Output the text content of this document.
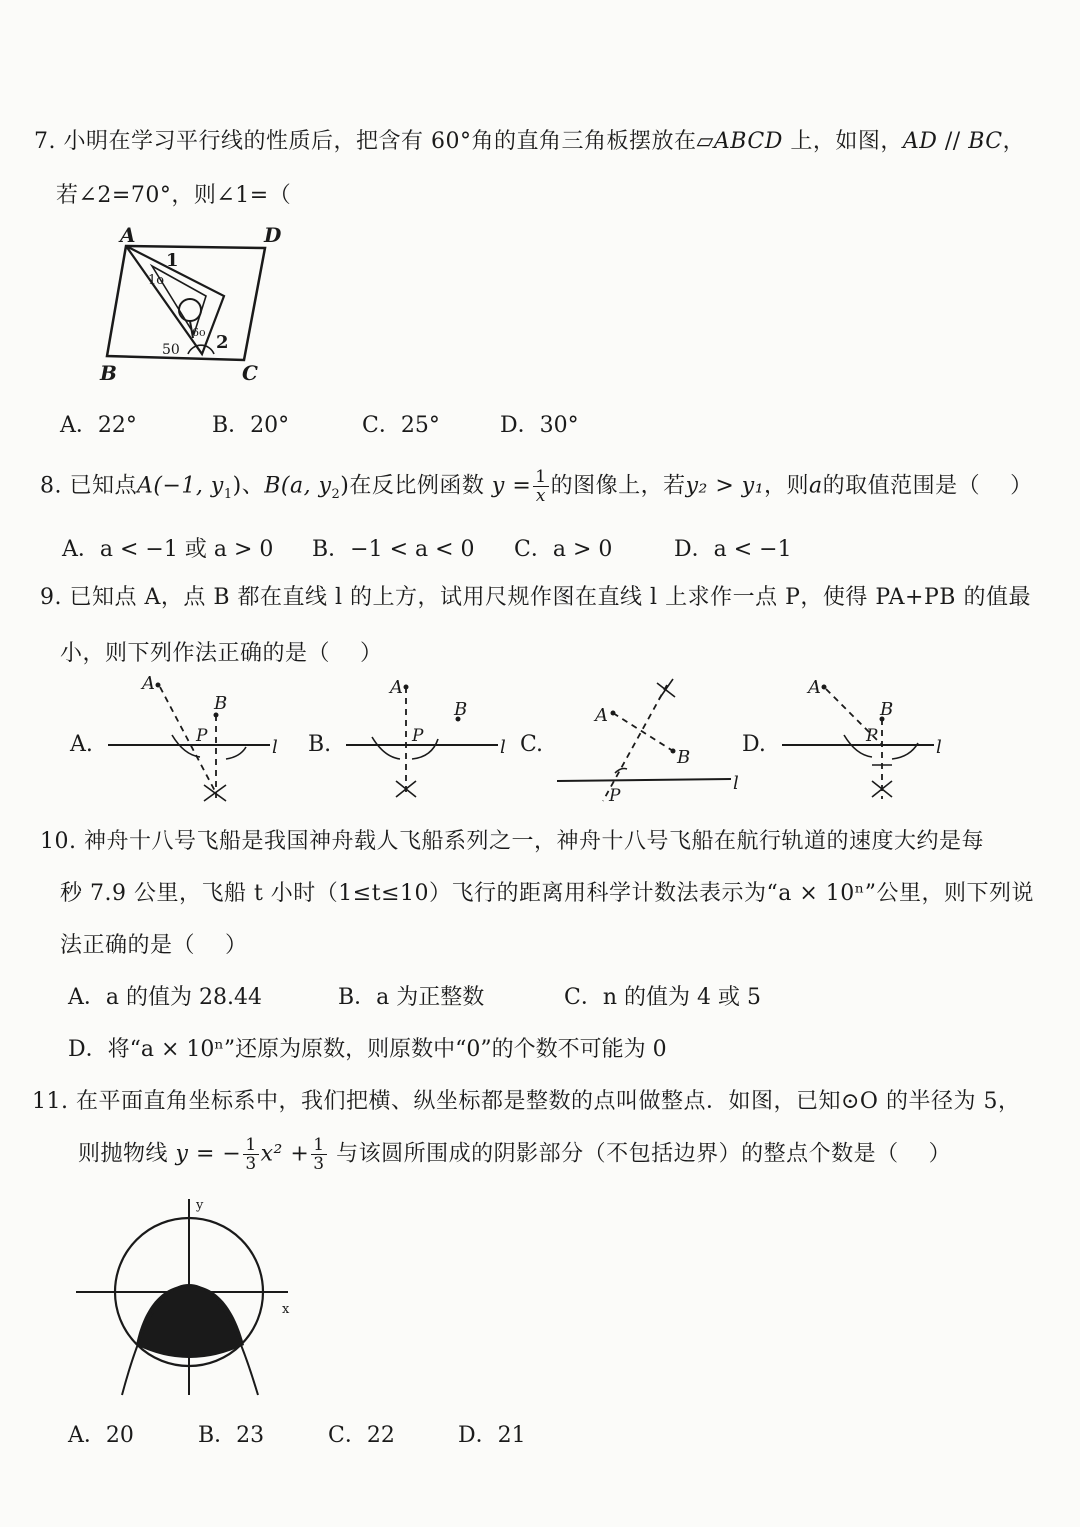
7. 小明在学习平行线的性质后，把含有 60°角的直角三角板摆放在▱ABCD 上，如图，AD // BC，
若∠2=70°，则∠1=（
A	D
B	C
1
2
1o
50
6o
A．22°	B．20°	C．25°	D．30°
8. 已知点A(−1, $y_1$)、B(a, $y_2$)在反比例函数 $y = \frac{1}{x}$ 的图像上，若y₂ > y₁，则a的取值范围是（　 ）
A．a < −1 或 a > 0 B．−1 < a < 0 C．a > 0	D．a < −1
9. 已知点 A，点 B 都在直线 l 的上方，试用尺规作图在直线 l 上求作一点 P，使得 PA+PB 的值最
小，则下列作法正确的是（　 ）
A.
A
B
P
l B.
A
B
P
l C.
A
B
P
l
D.
A
B
P
l
10. 神舟十八号飞船是我国神舟载人飞船系列之一，神舟十八号飞船在航行轨道的速度大约是每
秒 7.9 公里，飞船 t 小时（1≤t≤10）飞行的距离用科学计数法表示为“a × 10ⁿ”公里，则下列说
法正确的是（　 ）
A．a 的值为 28.44	B．a 为正整数	C．n 的值为 4 或 5
D．将“a × 10ⁿ”还原为原数，则原数中“0”的个数不可能为 0
11. 在平面直角坐标系中，我们把横、纵坐标都是整数的点叫做整点．如图，已知⊙O 的半径为 5，
则抛物线 y = − $\frac{1}{3} x^2 + \frac{1}{3}$ 与该圆所围成的阴影部分（不包括边界）的整点个数是（　 ）
y
x
A．20	B．23	C．22	D．21
